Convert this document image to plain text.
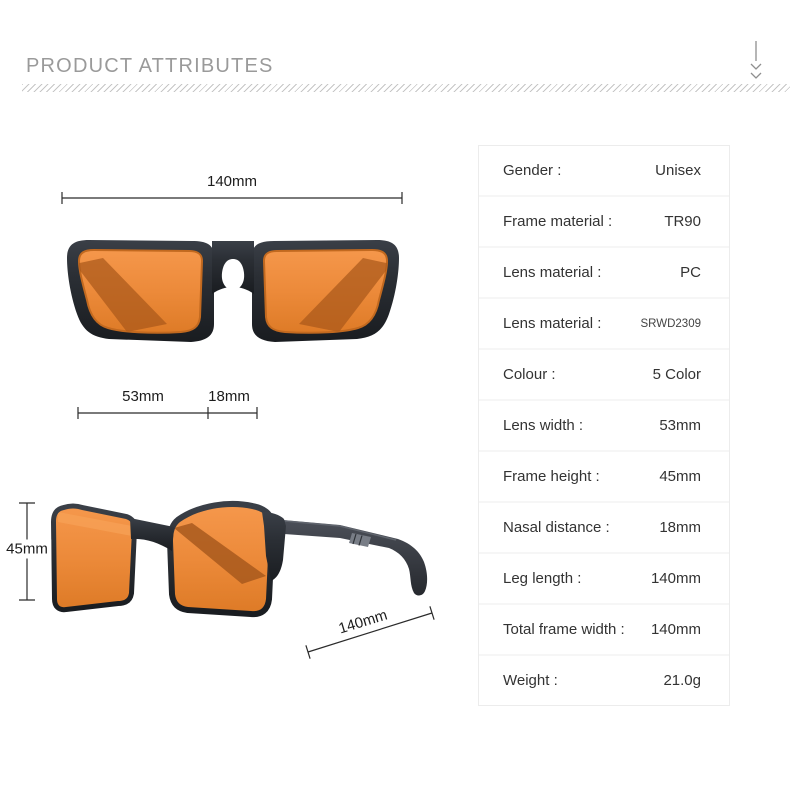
PRODUCT ATTRIBUTES
140mm
53mm	18mm
45mm
140mm
Gender :	Unisex
Frame material :	TR90
Lens material :	PC
Lens material :	SRWD2309
Colour :	5 Color
Lens width :	53mm
Frame height :	45mm
Nasal distance :	18mm
Leg length :	140mm
Total frame width : 140mm
Weight :	21.0g
